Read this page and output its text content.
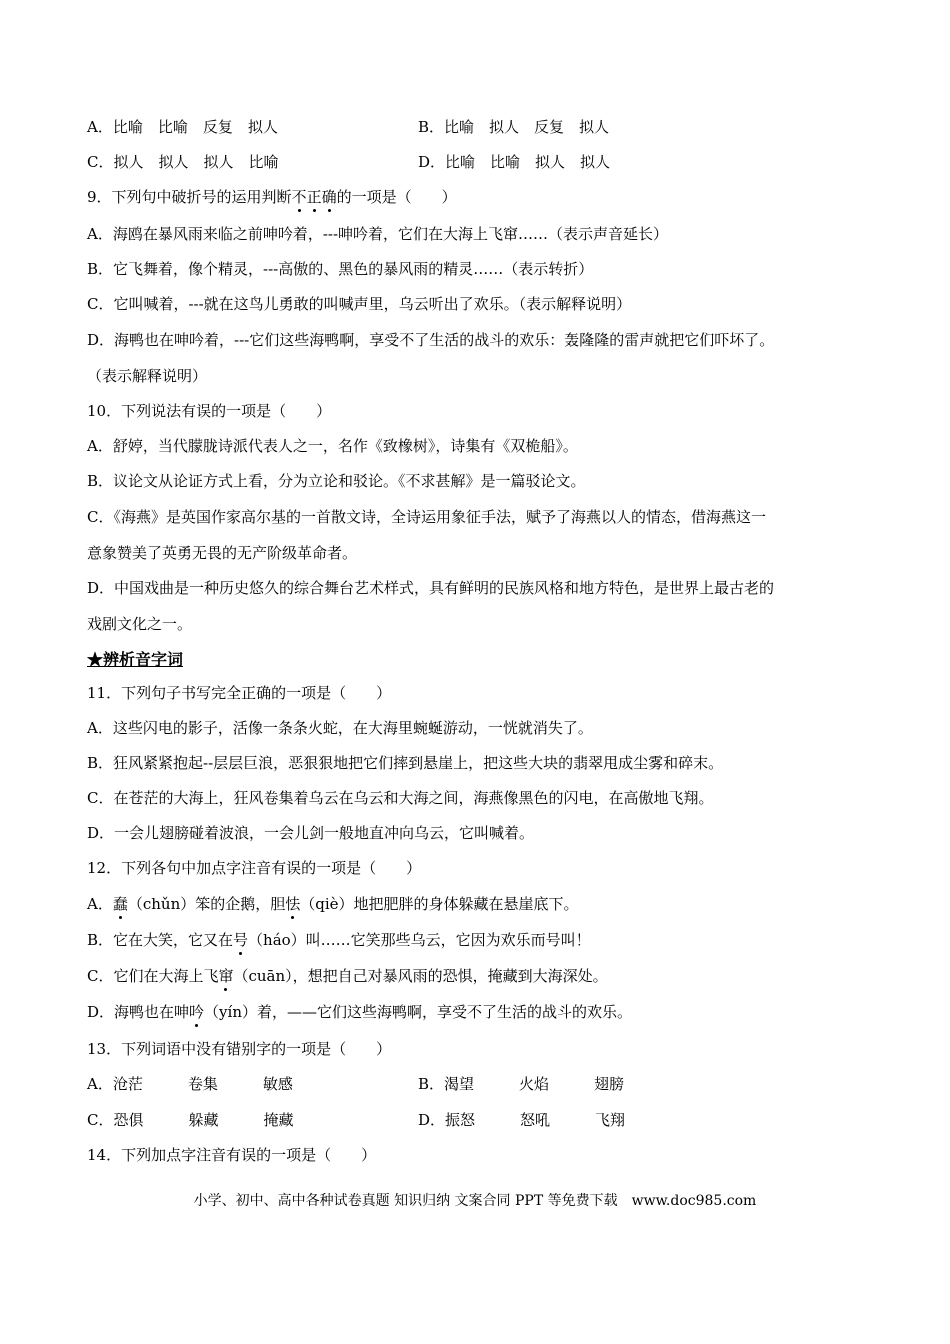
A．比喻　比喻　反复　拟人	B．比喻　拟人　反复　拟人
C．拟人　拟人　拟人　比喻	D．比喻　比喻　拟人　拟人
9．下列句中破折号的运用判断不正确的一项是（　　）
A．海鸥在暴风雨来临之前呻吟着，---呻吟着，它们在大海上飞窜……（表示声音延长）
B．它飞舞着，像个精灵，---高傲的、黑色的暴风雨的精灵……（表示转折）
C．它叫喊着，---就在这鸟儿勇敢的叫喊声里，乌云听出了欢乐。（表示解释说明）
D．海鸭也在呻吟着，---它们这些海鸭啊，享受不了生活的战斗的欢乐：轰隆隆的雷声就把它们吓坏了。
（表示解释说明）
10．下列说法有误的一项是（　　）
A．舒婷，当代朦胧诗派代表人之一，名作《致橡树》，诗集有《双桅船》。
B．议论文从论证方式上看，分为立论和驳论。《不求甚解》是一篇驳论文。
C．《海燕》是英国作家高尔基的一首散文诗，全诗运用象征手法，赋予了海燕以人的情态，借海燕这一
意象赞美了英勇无畏的无产阶级革命者。
D．中国戏曲是一种历史悠久的综合舞台艺术样式，具有鲜明的民族风格和地方特色，是世界上最古老的
戏剧文化之一。
★辨析音字词
11．下列句子书写完全正确的一项是（　　）
A．这些闪电的影子，活像一条条火蛇，在大海里蜿蜒游动，一恍就消失了。
B．狂风紧紧抱起--层层巨浪，恶狠狠地把它们摔到悬崖上，把这些大块的翡翠甩成尘雾和碎末。
C．在苍茫的大海上，狂风卷集着乌云在乌云和大海之间，海燕像黑色的闪电，在高傲地飞翔。
D．一会儿翅膀碰着波浪，一会儿剑一般地直冲向乌云，它叫喊着。
12．下列各句中加点字注音有误的一项是（　　）
A．蠢（chǔn）笨的企鹅，胆怯（qiè）地把肥胖的身体躲藏在悬崖底下。
B．它在大笑，它又在号（háo）叫……它笑那些乌云，它因为欢乐而号叫！
C．它们在大海上飞窜（cuān），想把自己对暴风雨的恐惧，掩藏到大海深处。
D．海鸭也在呻吟（yín）着，——它们这些海鸭啊，享受不了生活的战斗的欢乐。
13．下列词语中没有错别字的一项是（　　）
A．沧茫　　　卷集　　　敏感	B．渴望　　　火焰　　　翅膀
C．恐俱　　　躲藏　　　掩藏	D．振怒　　　怒吼　　　飞翔
14．下列加点字注音有误的一项是（　　）
小学、初中、高中各种试卷真题 知识归纳 文案合同 PPT 等免费下载　www.doc985.com
